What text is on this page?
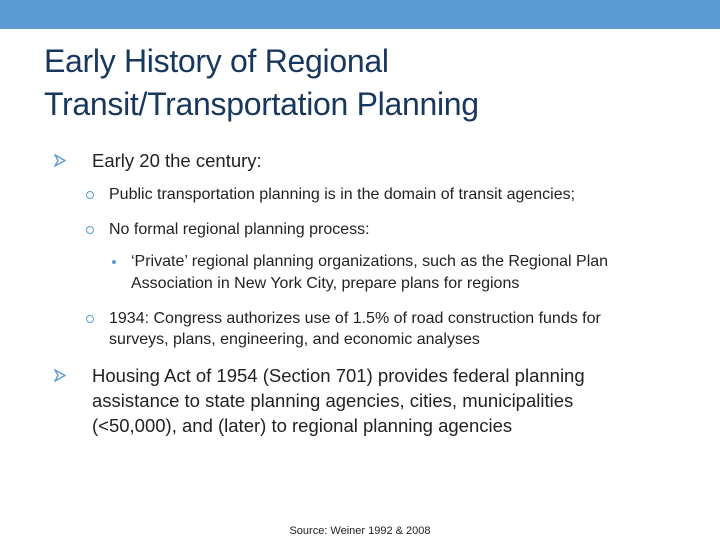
Early History of Regional
Transit/Transportation Planning
Early 20 the century:
Public transportation planning is in the domain of transit agencies;
No formal regional planning process:
‘Private’ regional planning organizations, such as the Regional Plan
Association in New York City, prepare plans for regions
1934: Congress authorizes use of 1.5% of road construction funds for
surveys, plans, engineering, and economic analyses
Housing Act of 1954 (Section 701) provides federal planning
assistance to state planning agencies, cities, municipalities
(<50,000), and (later) to regional planning agencies
Source: Weiner 1992 & 2008
